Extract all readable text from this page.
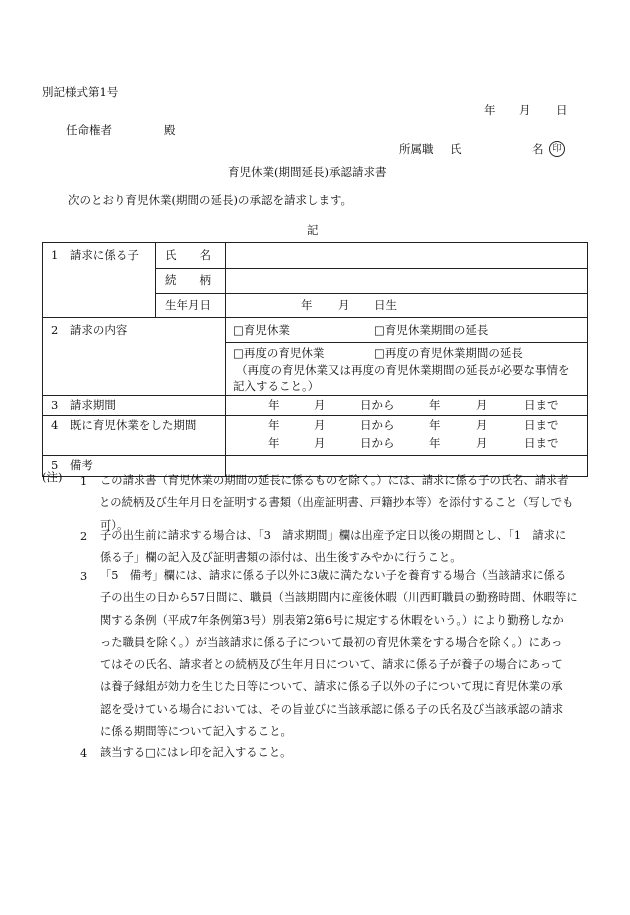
別記様式第1号
年 月 日
任命権者	殿
所属職 氏	名 印
育児休業(期間延長)承認請求書
次のとおり育児休業(期間の延長)の承認を請求します。
記
1　請求に係る子 氏　　名
続　　柄
生年月日	年 月 日生
2　請求の内容	□育児休業	□育児休業期間の延長
□再度の育児休業	□再度の育児休業期間の延長
（再度の育児休業又は再度の育児休業期間の延長が必要な事情を
記入すること。）
3　請求期間	年	月	日から	年	月	日まで
4　既に育児休業をした期間	年	月	日から	年	月	日まで
年	月	日から	年	月	日まで
5　備考
(注) 1 この請求書（育児休業の期間の延長に係るものを除く。）には、請求に係る子の氏名、請求者
との続柄及び生年月日を証明する書類（出産証明書、戸籍抄本等）を添付すること（写しでも
可）。
2 子の出生前に請求する場合は、「3　請求期間」欄は出産予定日以後の期間とし、「1　請求に
係る子」欄の記入及び証明書類の添付は、出生後すみやかに行うこと。
3 「5　備考」欄には、請求に係る子以外に3歳に満たない子を養育する場合（当該請求に係る
子の出生の日から57日間に、職員（当該期間内に産後休暇（川西町職員の勤務時間、休暇等に
関する条例（平成7年条例第3号）別表第2第6号に規定する休暇をいう。）により勤務しなか
った職員を除く。）が当該請求に係る子について最初の育児休業をする場合を除く。）にあっ
てはその氏名、請求者との続柄及び生年月日について、請求に係る子が養子の場合にあって
は養子縁組が効力を生じた日等について、請求に係る子以外の子について現に育児休業の承
認を受けている場合においては、その旨並びに当該承認に係る子の氏名及び当該承認の請求
に係る期間等について記入すること。
4 該当する□にはレ印を記入すること。
